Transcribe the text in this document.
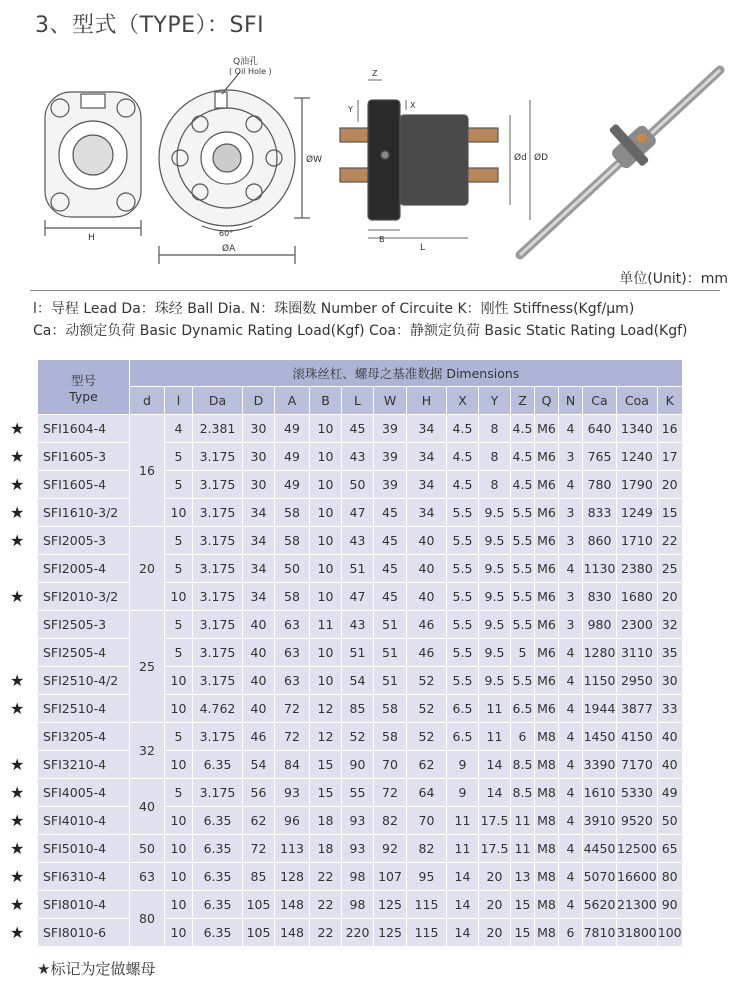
3、型式（TYPE）：SFI
H
Q油孔
( Oil Hole )
ØW
ØA
60°
Z
Y	X
Ød ØD
B
L
单位(Unit)：mm
l：导程 Lead Da：珠经 Ball Dia. N：珠圈数 Number of Circuite K：刚性 Stiffness(Kgf/μm)
Ca：动额定负荷 Basic Dynamic Rating Load(Kgf) Coa：静额定负荷 Basic Static Rating Load(Kgf)
型号
Type	滚珠丝杠、螺母之基准数据 Dimensions																
	d	l	Da	D	A	B	L	W	H	X	Y	Z	Q	N	Ca	Coa	K
SFI1604-4	16	4	2.381	30	49	10	45	39	34	4.5	8	4.5	M6	4	640	1340	16
SFI1605-3		5	3.175	30	49	10	43	39	34	4.5	8	4.5	M6	3	765	1240	17
SFI1605-4		5	3.175	30	49	10	50	39	34	4.5	8	4.5	M6	4	780	1790	20
SFI1610-3/2		10	3.175	34	58	10	47	45	34	5.5	9.5	5.5	M6	3	833	1249	15
SFI2005-3	20	5	3.175	34	58	10	43	45	40	5.5	9.5	5.5	M6	3	860	1710	22
SFI2005-4		5	3.175	34	50	10	51	45	40	5.5	9.5	5.5	M6	4	1130	2380	25
SFI2010-3/2		10	3.175	34	58	10	47	45	40	5.5	9.5	5.5	M6	3	830	1680	20
SFI2505-3	25	5	3.175	40	63	11	43	51	46	5.5	9.5	5.5	M6	3	980	2300	32
SFI2505-4		5	3.175	40	63	10	51	51	46	5.5	9.5	5	M6	4	1280	3110	35
SFI2510-4/2		10	3.175	40	63	10	54	51	52	5.5	9.5	5.5	M6	4	1150	2950	30
SFI2510-4		10	4.762	40	72	12	85	58	52	6.5	11	6.5	M6	4	1944	3877	33
SFI3205-4	32	5	3.175	46	72	12	52	58	52	6.5	11	6	M8	4	1450	4150	40
SFI3210-4		10	6.35	54	84	15	90	70	62	9	14	8.5	M8	4	3390	7170	40
SFI4005-4	40	5	3.175	56	93	15	55	72	64	9	14	8.5	M8	4	1610	5330	49
SFI4010-4		10	6.35	62	96	18	93	82	70	11	17.5	11	M8	4	3910	9520	50
SFI5010-4	50	10	6.35	72	113	18	93	92	82	11	17.5	11	M8	4	4450	12500	65
SFI6310-4	63	10	6.35	85	128	22	98	107	95	14	20	13	M8	4	5070	16600	80
SFI8010-4	80	10	6.35	105	148	22	98	125	115	14	20	15	M8	4	5620	21300	90
SFI8010-6		10	6.35	105	148	22	220	125	115	14	20	15	M8	6	7810	31800	100
★
★
★
★
★
★
★
★
★
★
★
★
★
★
★
★标记为定做螺母
